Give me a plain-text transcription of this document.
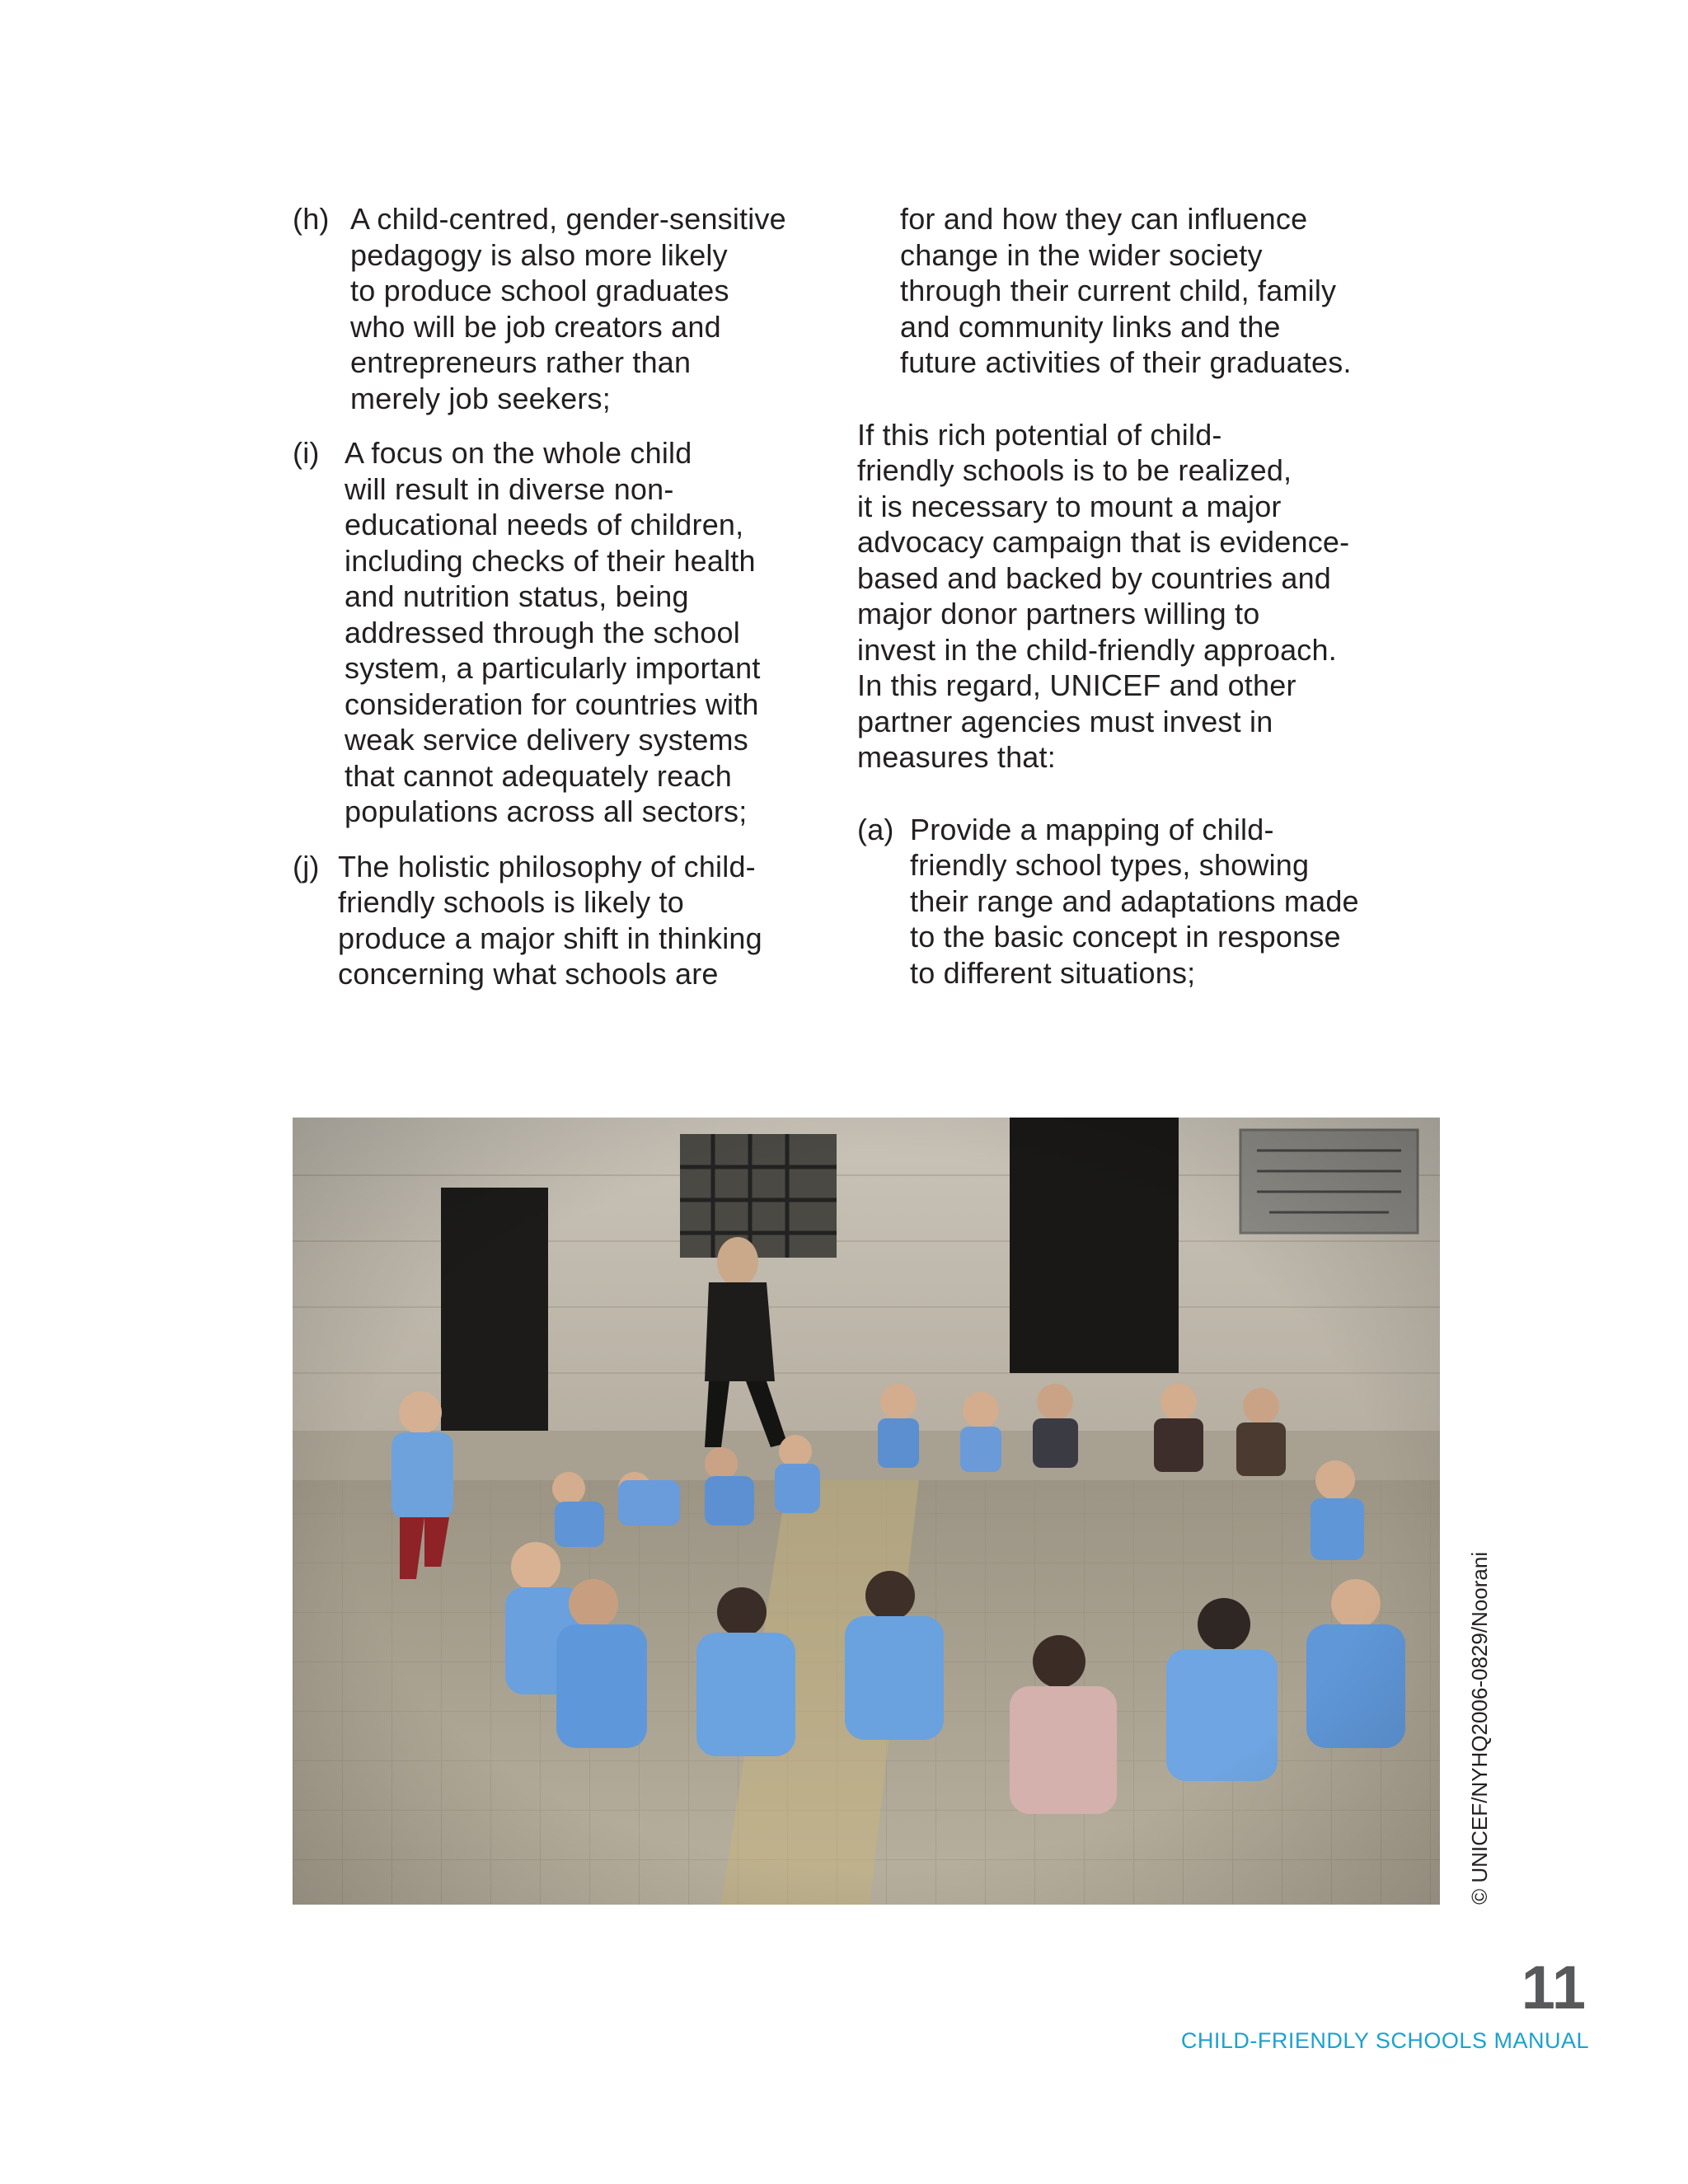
(h) A child-centred, gender-sensitive
pedagogy is also more likely
to produce school graduates
who will be job creators and
entrepreneurs rather than
merely job seekers;
(i) A focus on the whole child
will result in diverse non-
educational needs of children,
including checks of their health
and nutrition status, being
addressed through the school
system, a particularly important
consideration for countries with
weak service delivery systems
that cannot adequately reach
populations across all sectors;
(j) The holistic philosophy of child-
friendly schools is likely to
produce a major shift in thinking
concerning what schools are
for and how they can influence
change in the wider society
through their current child, family
and community links and the
future activities of their graduates.
If this rich potential of child-
friendly schools is to be realized,
it is necessary to mount a major
advocacy campaign that is evidence-
based and backed by countries and
major donor partners willing to
invest in the child-friendly approach.
In this regard, UNICEF and other
partner agencies must invest in
measures that:
(a) Provide a mapping of child-
friendly school types, showing
their range and adaptations made
to the basic concept in response
to different situations;
© UNICEF/NYHQ2006-0829/Noorani
11
CHILD-FRIENDLY SCHOOLS MANUAL
